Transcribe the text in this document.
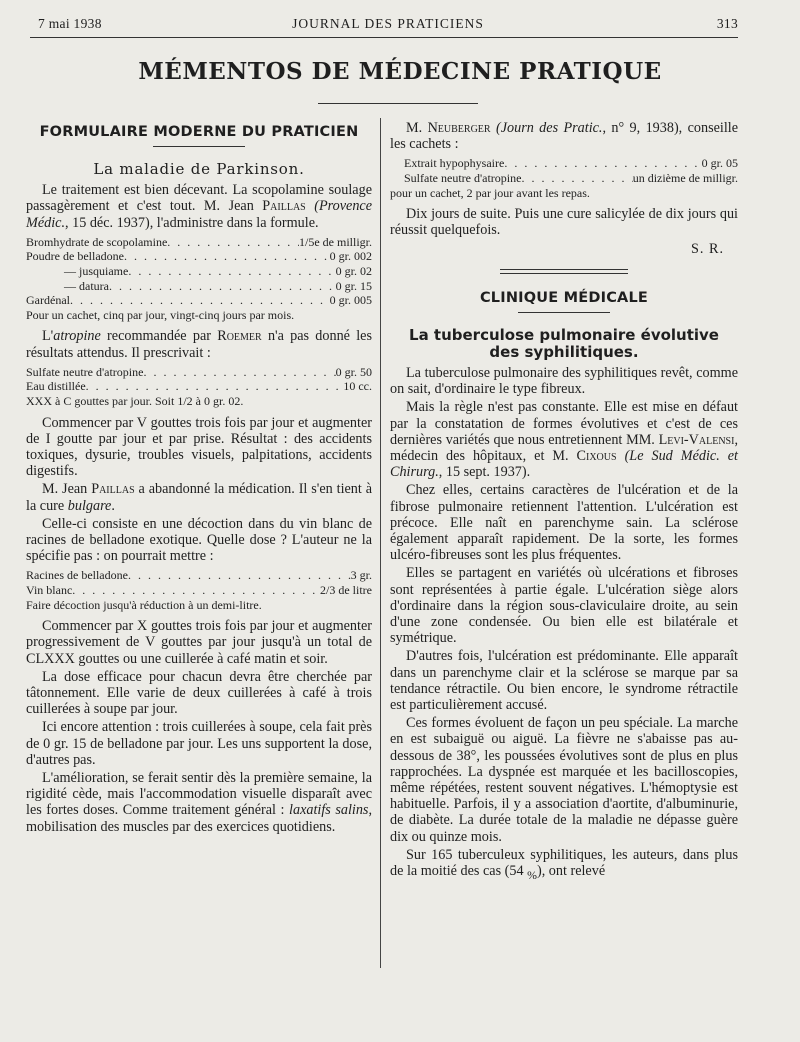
7 mai 1938	JOURNAL DES PRATICIENS	313
MÉMENTOS DE MÉDECINE PRATIQUE
FORMULAIRE MODERNE DU PRATICIEN
La maladie de Parkinson.

Le traitement est bien décevant. La scopolamine soulage passagèrement et c'est tout. M. Jean Paillas (Provence Médic., 15 déc. 1937), l'administre dans la formule.

Bromhydrate de scopolamine . . .	1/5e de milligr.
Poudre de belladone . . .	0 gr. 002
— jusquiame . . .	0 gr. 02
— datura . . .	0 gr. 15
Gardénal . . .	0 gr. 005

Pour un cachet, cinq par jour, vingt-cinq jours par mois.

L'atropine recommandée par Roemer n'a pas donné les résultats attendus. Il prescrivait :

Sulfate neutre d'atropine . . .	0 gr. 50
Eau distillée . . .	10 cc.

XXX à C gouttes par jour. Soit 1/2 à 0 gr. 02.

Commencer par V gouttes trois fois par jour et augmenter de I goutte par jour et par prise. Résultat : des accidents toxiques, dysurie, troubles visuels, palpitations, accidents digestifs.

M. Jean Paillas a abandonné la médication. Il s'en tient à la cure bulgare.

Celle-ci consiste en une décoction dans du vin blanc de racines de belladone exotique. Quelle dose ? L'auteur ne la spécifie pas : on pourrait mettre :

Racines de belladone . . .	3 gr.
Vin blanc . . .	2/3 de litre

Faire décoction jusqu'à réduction à un demi-litre.

Commencer par X gouttes trois fois par jour et augmenter progressivement de V gouttes par jour jusqu'à un total de CLXXX gouttes ou une cuillerée à café matin et soir.

La dose efficace pour chacun devra être cherchée par tâtonnement. Elle varie de deux cuillerées à café à trois cuillerées à soupe par jour.

Ici encore attention : trois cuillerées à soupe, cela fait près de 0 gr. 15 de belladone par jour. Les uns supportent la dose, d'autres pas.

L'amélioration, se ferait sentir dès la première semaine, la rigidité cède, mais l'accommodation visuelle disparaît avec les fortes doses. Comme traitement général : laxatifs salins, mobilisation des muscles par des exercices quotidiens.

M. Neuberger (Journ des Pratic., n° 9, 1938), conseille les cachets :

Extrait hypophysaire . . .	0 gr. 05
Sulfate neutre d'atropine . . .	un dizième de milligr.

pour un cachet, 2 par jour avant les repas.

Dix jours de suite. Puis une cure salicylée de dix jours qui réussit quelquefois.

S. R.
CLINIQUE MÉDICALE
La tuberculose pulmonaire évolutive
des syphilitiques.

La tuberculose pulmonaire des syphilitiques revêt, comme on sait, d'ordinaire le type fibreux.

Mais la règle n'est pas constante. Elle est mise en défaut par la constatation de formes évolutives et c'est de ces dernières variétés que nous entretiennent MM. Levi-Valensi, médecin des hôpitaux, et M. Cixous (Le Sud Médic. et Chirurg., 15 sept. 1937).

Chez elles, certains caractères de l'ulcération et de la fibrose pulmonaire retiennent l'attention. L'ulcération est précoce. Elle naît en parenchyme sain. La sclérose également apparaît rapidement. De la sorte, les formes ulcéro-fibreuses sont les plus fréquentes.

Elles se partagent en variétés où ulcérations et fibroses sont représentées à partie égale. L'ulcération siège alors d'ordinaire dans la région sous-claviculaire droite, au sein d'une zone condensée. Ou bien elle est bilatérale et symétrique.

D'autres fois, l'ulcération est prédominante. Elle apparaît dans un parenchyme clair et la sclérose se marque par sa tendance rétractile. Ou bien encore, le syndrome rétractile est particulièrement accusé.

Ces formes évoluent de façon un peu spéciale. La marche en est subaiguë ou aiguë. La fièvre ne s'abaisse pas au-dessous de 38°, les poussées évolutives sont de plus en plus rapprochées. La dyspnée est marquée et les bacilloscopies, même répétées, restent souvent négatives. L'hémoptysie est habituelle. Parfois, il y a association d'aortite, d'albuminurie, de diabète. La durée totale de la maladie ne dépasse guère dix ou quinze mois.

Sur 165 tuberculeux syphilitiques, les auteurs, dans plus de la moitié des cas (54 $_{\%}$), ont relevé
